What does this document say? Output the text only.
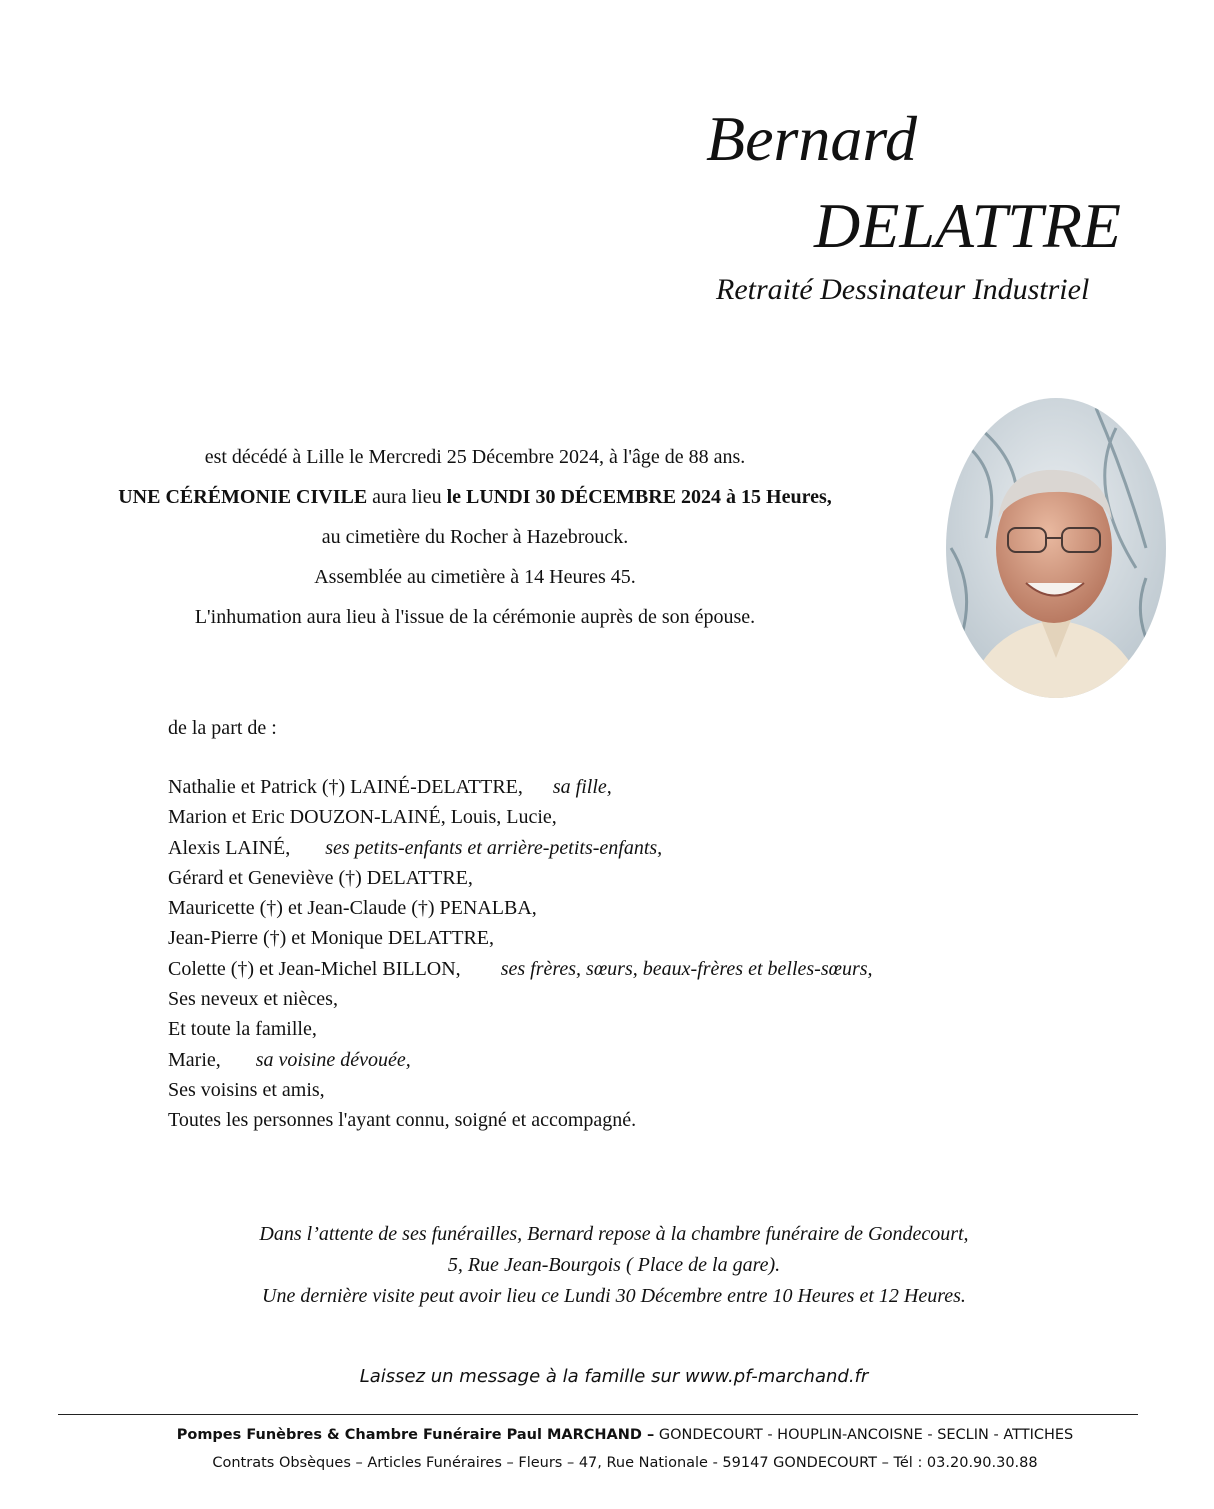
Bernard
DELATTRE
Retraité Dessinateur Industriel
est décédé à Lille le Mercredi 25 Décembre 2024, à l'âge de 88 ans.
UNE CÉRÉMONIE CIVILE aura lieu le LUNDI 30 DÉCEMBRE 2024 à 15 Heures,
au cimetière du Rocher à Hazebrouck.
Assemblée au cimetière à 14 Heures 45.
L'inhumation aura lieu à l'issue de la cérémonie auprès de son épouse.
de la part de :
Nathalie et Patrick (†) LAINÉ-DELATTRE, sa fille,
Marion et Eric DOUZON-LAINÉ, Louis, Lucie,
Alexis LAINÉ, ses petits-enfants et arrière-petits-enfants,
Gérard et Geneviève (†) DELATTRE,
Mauricette (†) et Jean-Claude (†) PENALBA,
Jean-Pierre (†) et Monique DELATTRE,
Colette (†) et Jean-Michel BILLON, ses frères, sœurs, beaux-frères et belles-sœurs,
Ses neveux et nièces,
Et toute la famille,
Marie, sa voisine dévouée,
Ses voisins et amis,
Toutes les personnes l'ayant connu, soigné et accompagné.
Dans l’attente de ses funérailles, Bernard repose à la chambre funéraire de Gondecourt,
5, Rue Jean-Bourgois ( Place de la gare).
Une dernière visite peut avoir lieu ce Lundi 30 Décembre entre 10 Heures et 12 Heures.
Laissez un message à la famille sur www.pf-marchand.fr
Pompes Funèbres & Chambre Funéraire Paul MARCHAND – GONDECOURT - HOUPLIN-ANCOISNE - SECLIN - ATTICHES
Contrats Obsèques – Articles Funéraires – Fleurs – 47, Rue Nationale - 59147 GONDECOURT – Tél : 03.20.90.30.88
